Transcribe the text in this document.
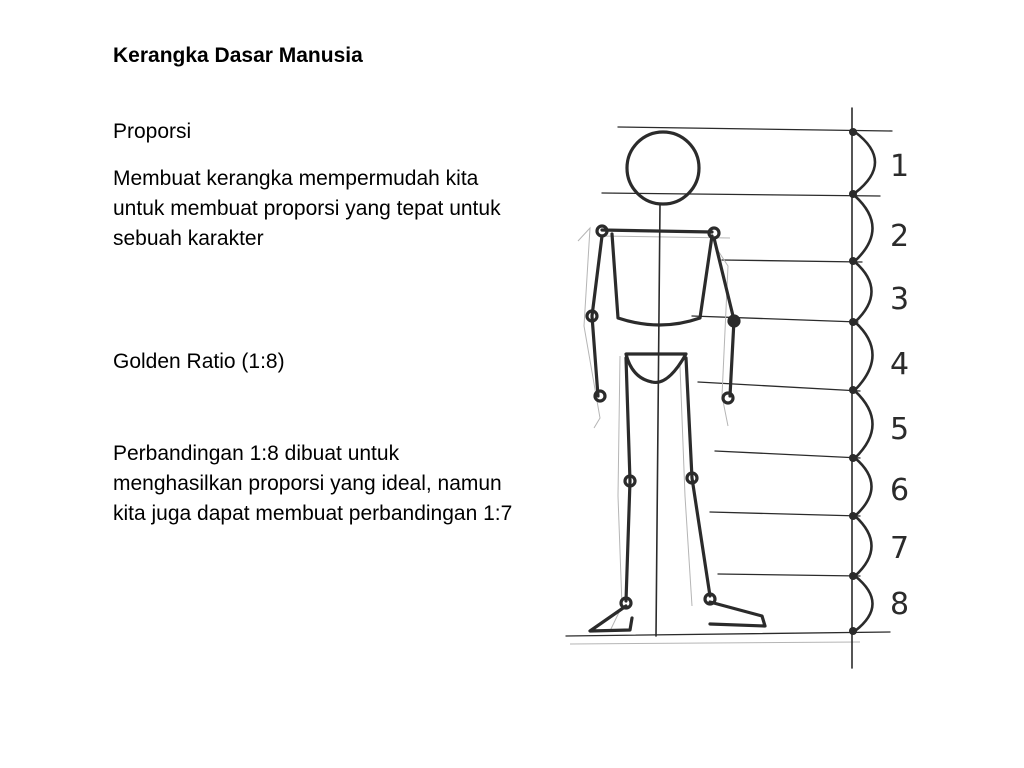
Kerangka Dasar Manusia

Proporsi

Membuat kerangka mempermudah kita untuk membuat proporsi yang tepat untuk sebuah karakter

Golden Ratio (1:8)

Perbandingan 1:8 dibuat untuk menghasilkan proporsi yang ideal, namun kita juga dapat membuat perbandingan 1:7

1
2
3
4
5
6
7
8
